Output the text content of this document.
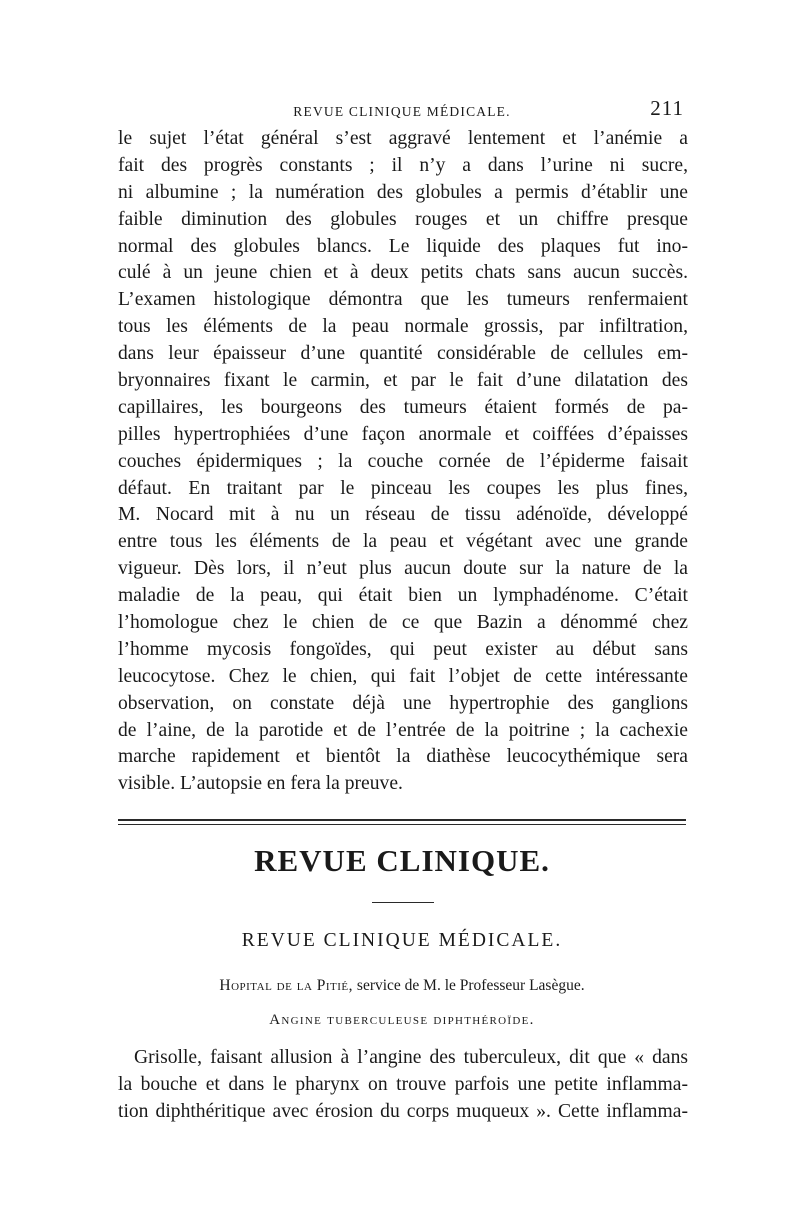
REVUE CLINIQUE MÉDICALE.	211
le sujet l’état général s’est aggravé lentement et l’anémie a
fait des progrès constants ; il n’y a dans l’urine ni sucre,
ni albumine ; la numération des globules a permis d’établir une
faible diminution des globules rouges et un chiffre presque
normal des globules blancs. Le liquide des plaques fut ino-
culé à un jeune chien et à deux petits chats sans aucun succès.
L’examen histologique démontra que les tumeurs renfermaient
tous les éléments de la peau normale grossis, par infiltration,
dans leur épaisseur d’une quantité considérable de cellules em-
bryonnaires fixant le carmin, et par le fait d’une dilatation des
capillaires, les bourgeons des tumeurs étaient formés de pa-
pilles hypertrophiées d’une façon anormale et coiffées d’épaisses
couches épidermiques ; la couche cornée de l’épiderme faisait
défaut. En traitant par le pinceau les coupes les plus fines,
M. Nocard mit à nu un réseau de tissu adénoïde, développé
entre tous les éléments de la peau et végétant avec une grande
vigueur. Dès lors, il n’eut plus aucun doute sur la nature de la
maladie de la peau, qui était bien un lymphadénome. C’était
l’homologue chez le chien de ce que Bazin a dénommé chez
l’homme mycosis fongoïdes, qui peut exister au début sans
leucocytose. Chez le chien, qui fait l’objet de cette intéressante
observation, on constate déjà une hypertrophie des ganglions
de l’aine, de la parotide et de l’entrée de la poitrine ; la cachexie
marche rapidement et bientôt la diathèse leucocythémique sera
visible. L’autopsie en fera la preuve.
REVUE CLINIQUE.
REVUE CLINIQUE MÉDICALE.
Hopital de la Pitié, service de M. le Professeur Lasègue.
Angine tuberculeuse diphthéroïde.
Grisolle, faisant allusion à l’angine des tuberculeux, dit que « dans
la bouche et dans le pharynx on trouve parfois une petite inflamma-
tion diphthéritique avec érosion du corps muqueux ». Cette inflamma-
